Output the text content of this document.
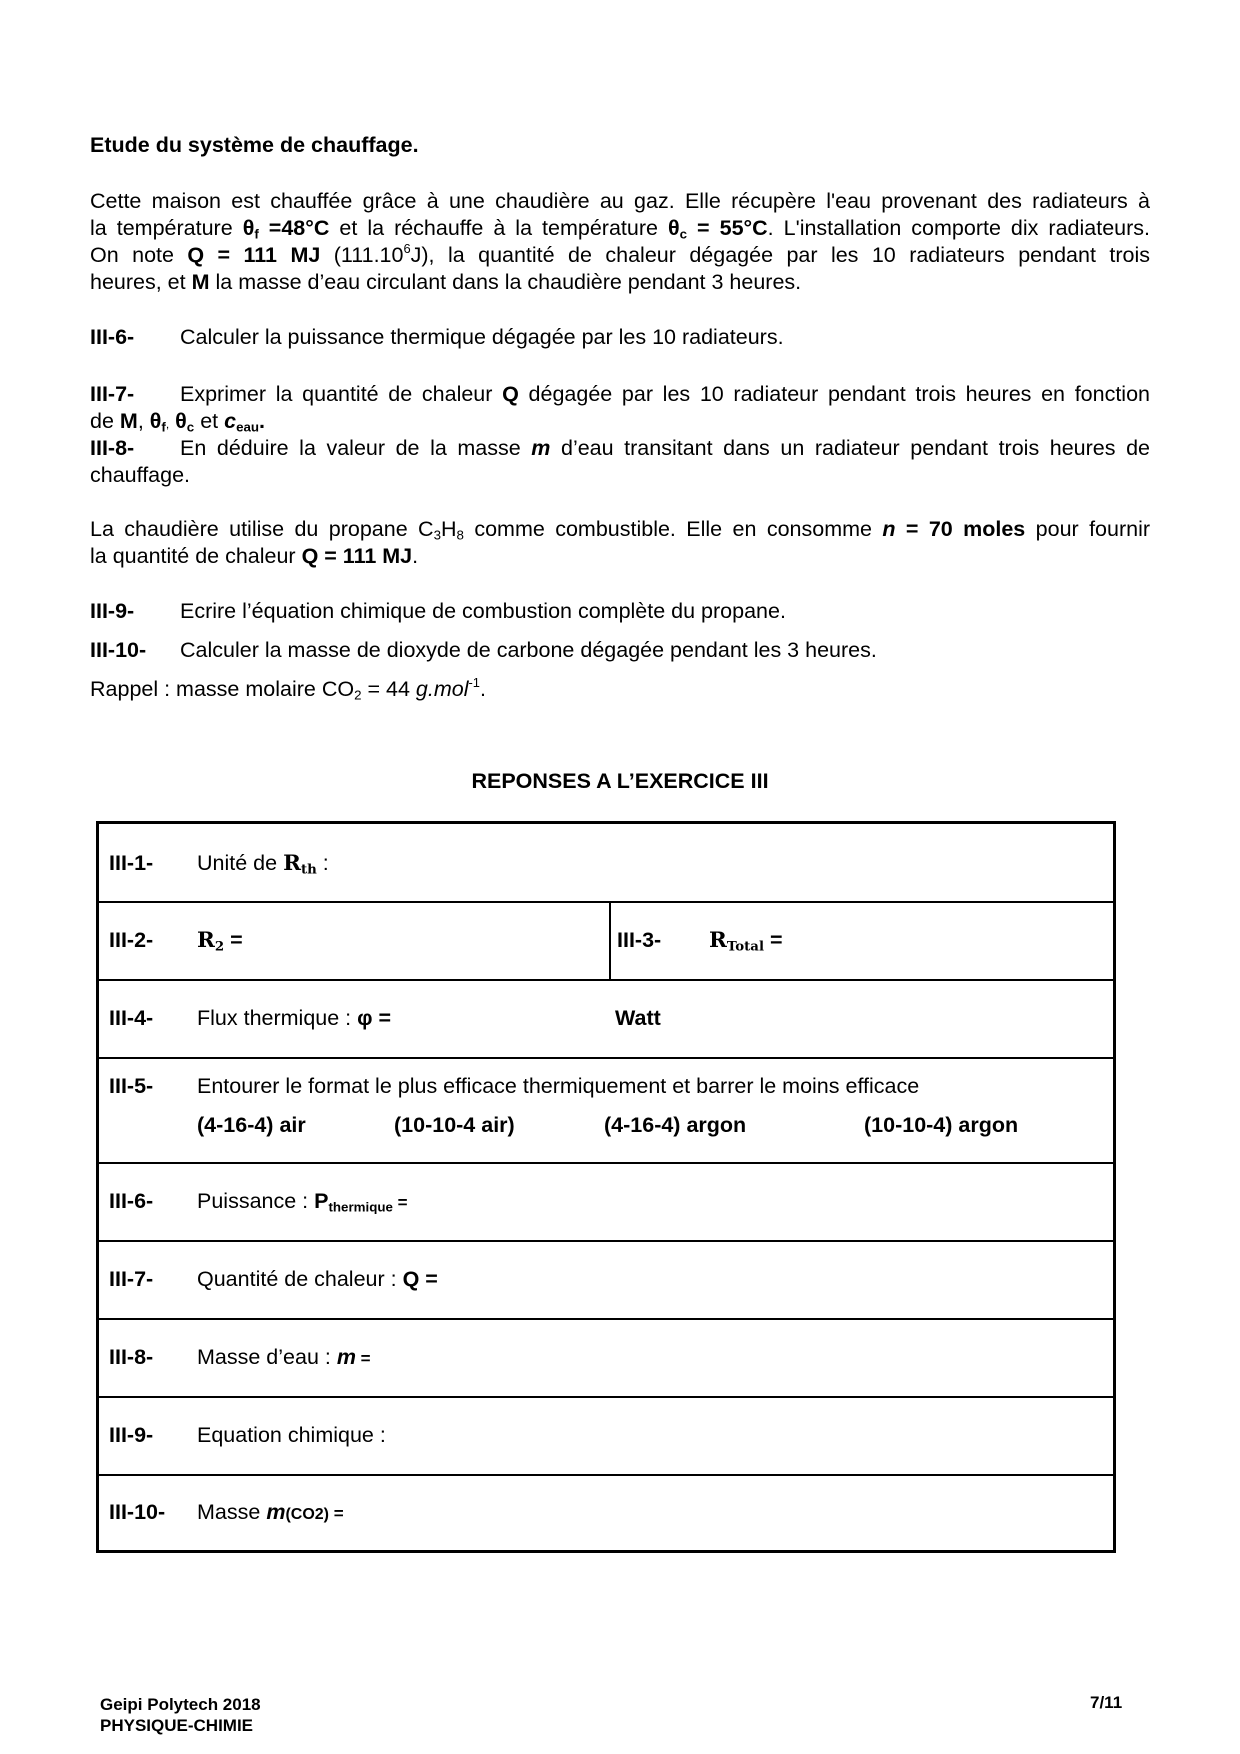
Etude du système de chauffage.
Cette maison est chauffée grâce à une chaudière au gaz. Elle récupère l'eau provenant des radiateurs à
la température $\theta_f =48^\circ C$ et la réchauffe à la température $\theta_c = 55^\circ C$. L'installation comporte dix radiateurs.
On note Q = 111 MJ (111.10$^6$J), la quantité de chaleur dégagée par les 10 radiateurs pendant trois
heures, et M la masse d’eau circulant dans la chaudière pendant 3 heures.
III-6- Calculer la puissance thermique dégagée par les 10 radiateurs.
III-7- Exprimer la quantité de chaleur Q dégagée par les 10 radiateur pendant trois heures en fonction
de M, $\theta_f$, $\theta_c$ et $c_{eau}$.
III-8- En déduire la valeur de la masse m d’eau transitant dans un radiateur pendant trois heures de
chauffage.
La chaudière utilise du propane $C_3H_8$ comme combustible. Elle en consomme n = 70 moles pour fournir
la quantité de chaleur Q = 111 MJ.
III-9- Ecrire l’équation chimique de combustion complète du propane.
III-10- Calculer la masse de dioxyde de carbone dégagée pendant les 3 heures.
Rappel : masse molaire $CO_2 = 44$ g.mol$^{-1}$.
REPONSES A L’EXERCICE III
III-1- Unité de $R_{th}$ :
III-2- $R_2$ =	III-3- $R_{Total}$ =
III-4- Flux thermique : φ =	Watt
III-5- Entourer le format le plus efficace thermiquement et barrer le moins efficace
(4-16-4) air	(10-10-4 air)	(4-16-4) argon	(10-10-4) argon
III-6- Puissance : $P_{thermique}$ =
III-7- Quantité de chaleur : Q =
III-8- Masse d’eau : m =
III-9- Equation chimique :
III-10- Masse m(CO2) =
Geipi Polytech 2018
PHYSIQUE-CHIMIE
7/11
